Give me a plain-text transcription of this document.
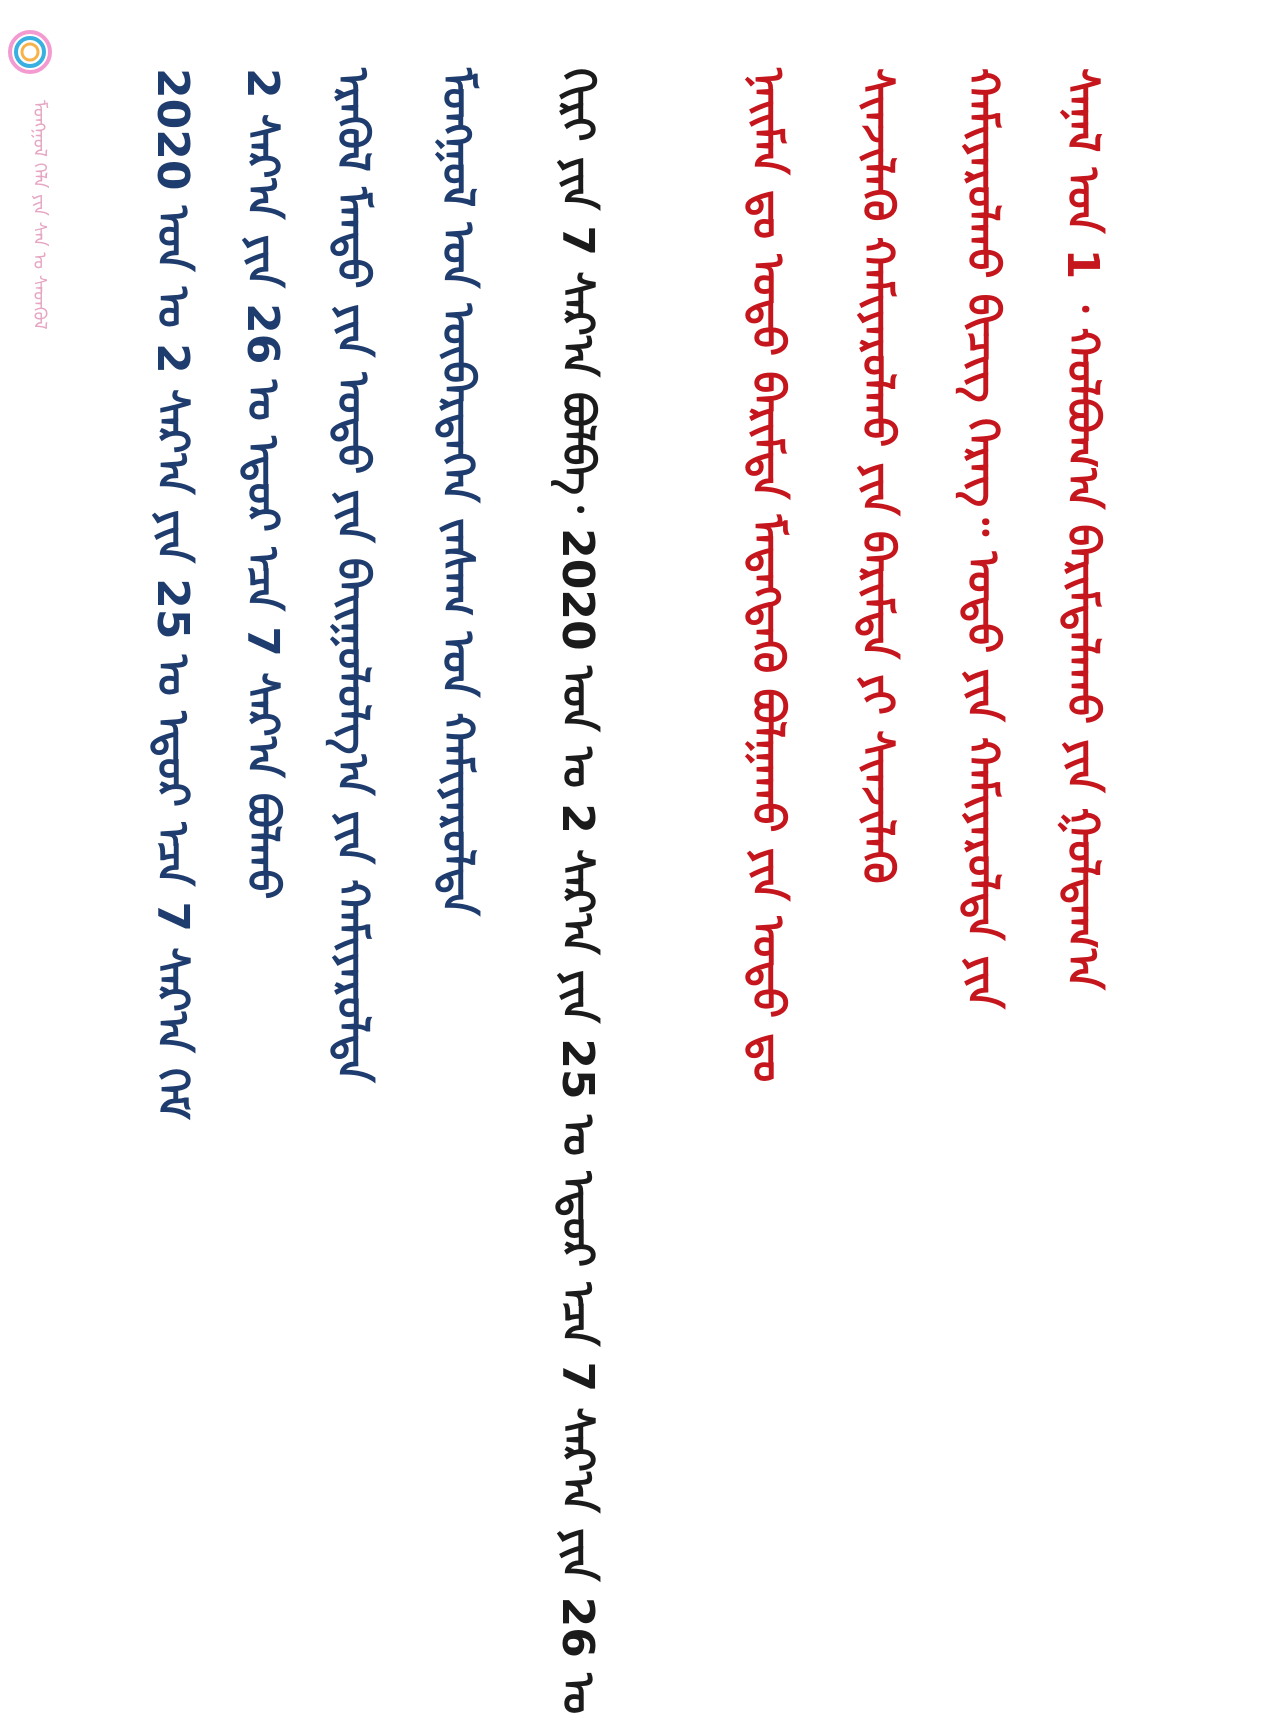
ᠮᠣᠩᠭᠣᠯ ᠬᠡᠯᠡ ᠶᠢᠨ ᠰᠠᠨ ᠤ ᠰᠡᠳᠬᠦᠯ	ᠰᠠᠨᠠᠯ ᠤᠨ 1 ᠂ ᠬᠣᠯᠪᠣᠭ᠎ᠠ ᠪᠠᠷᠢᠮᠲᠠᠯᠠᠬᠤ ᠶᠢᠨ ᠭᠣᠯᠳᠠᠭ᠎ᠠ
ᠬᠠᠮᠢᠶᠠᠷᠤᠯᠬᠤ ᠪᠢᠴᠢᠭ ᠬᠡᠷᠡᠭ᠃ ᠣᠳᠣ ᠶᠢᠨ ᠬᠠᠮᠢᠶᠠᠷᠤᠯᠲᠠ ᠶᠢᠨ
ᠰᠢᠨᠵᠢᠯᠡᠬᠦ ᠬᠠᠮᠢᠶᠠᠷᠤᠯᠬᠤ ᠶᠢᠨ ᠪᠠᠷᠢᠮᠲᠠ ᠶᠢ ᠰᠢᠨᠵᠢᠯᠡᠬᠦ
ᠨᠠᠢᠮᠠᠨ ᠳᠤ ᠣᠳᠣ ᠪᠠᠷᠢᠮᠲᠠ ᠮᠡᠳᠡᠭᠳᠡᠬᠦ ᠪᠣᠯᠭᠠᠬᠤ ᠶᠢᠨ ᠣᠳᠣ ᠳᠤ
ᠬᠢᠷᠢ ᠶᠢᠨ 7 ᠰᠠᠷ᠎ᠠ ᠪᠣᠯᠪᠠ᠂ 2020 ᠣᠨ ᠤ 2 ᠰᠠᠷ᠎ᠠ ᠶᠢᠨ 25 ᠤ ᠡᠳᠦᠷ ᠡᠴᠡ 7 ᠰᠠᠷ᠎ᠠ ᠶᠢᠨ 26 ᠤ
ᠮᠣᠩᠭᠣᠯ ᠤᠨ ᠥᠪᠡᠷᠲᠡᠭᠡᠨ ᠵᠠᠰᠠᠭ ᠤᠨ ᠬᠠᠮᠢᠶᠠᠷᠤᠯᠲᠠ
ᠡᠷᠡᠭᠦᠯ ᠮᠡᠨᠳᠦ ᠶᠢᠨ ᠣᠳᠣ ᠶᠢᠨ ᠪᠠᠢᠭᠤᠯᠤᠯᠭ᠎ᠠ ᠶᠢᠨ ᠬᠠᠮᠢᠶᠠᠷᠤᠯᠲᠠ
2 ᠰᠠᠷ᠎ᠠ ᠶᠢᠨ 26 ᠤ ᠡᠳᠦᠷ ᠡᠴᠡ 7 ᠰᠠᠷ᠎ᠠ ᠪᠣᠯᠬᠣ
2020 ᠣᠨ ᠤ 2 ᠰᠠᠷ᠎ᠠ ᠶᠢᠨ 25 ᠤ ᠡᠳᠦᠷ ᠡᠴᠡ 7 ᠰᠠᠷ᠎ᠠ ᠭᠡᠮ
